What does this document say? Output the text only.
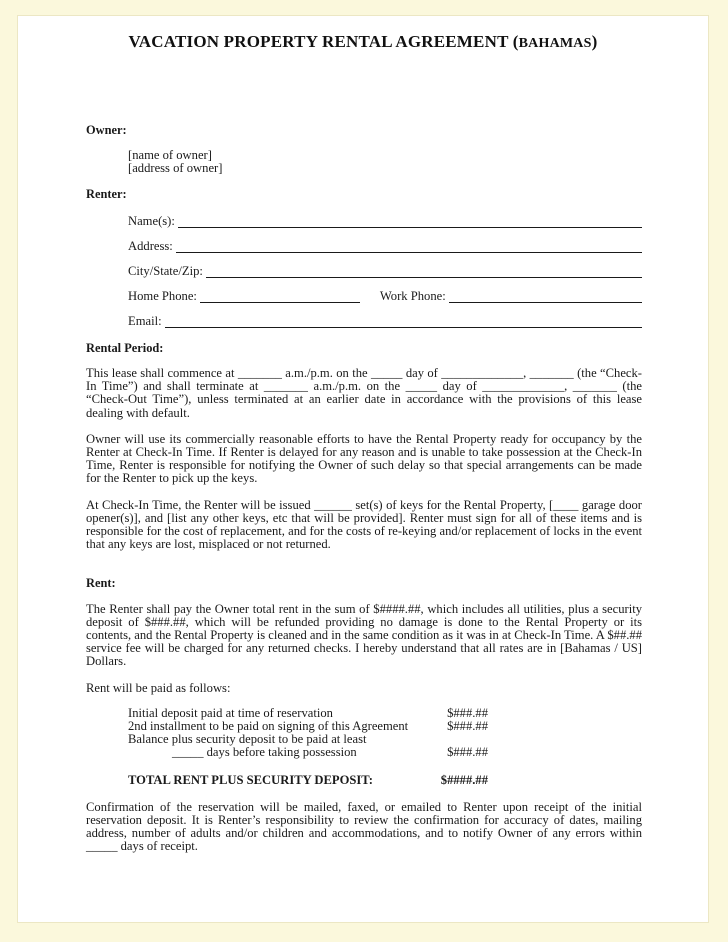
VACATION PROPERTY RENTAL AGREEMENT (BAHAMAS)
Owner:
[name of owner]
[address of owner]
Renter:
Name(s):
Address:
City/State/Zip:
Home Phone:	Work Phone:
Email:
Rental Period:

This lease shall commence at _______ a.m./p.m. on the _____ day of _____________, _______ (the “Check-In Time”) and shall terminate at _______ a.m./p.m. on the _____ day of _____________, _______ (the “Check-Out Time”), unless terminated at an earlier date in accordance with the provisions of this lease dealing with default.

Owner will use its commercially reasonable efforts to have the Rental Property ready for occupancy by the Renter at Check-In Time. If Renter is delayed for any reason and is unable to take possession at the Check-In Time, Renter is responsible for notifying the Owner of such delay so that special arrangements can be made for the Renter to pick up the keys.

At Check-In Time, the Renter will be issued ______ set(s) of keys for the Rental Property, [____ garage door opener(s)], and [list any other keys, etc that will be provided]. Renter must sign for all of these items and is responsible for the cost of replacement, and for the costs of re-keying and/or replacement of locks in the event that any keys are lost, misplaced or not returned.

Rent:

The Renter shall pay the Owner total rent in the sum of $####.##, which includes all utilities, plus a security deposit of $###.##, which will be refunded providing no damage is done to the Rental Property or its contents, and the Rental Property is cleaned and in the same condition as it was in at Check-In Time. A $##.## service fee will be charged for any returned checks. I hereby understand that all rates are in [Bahamas / US] Dollars.

Rent will be paid as follows:
Initial deposit paid at time of reservation	$###.##
2nd installment to be paid on signing of this Agreement	$###.##
Balance plus security deposit to be paid at least
_____ days before taking possession	$###.##
TOTAL RENT PLUS SECURITY DEPOSIT:	$####.##

Confirmation of the reservation will be mailed, faxed, or emailed to Renter upon receipt of the initial reservation deposit. It is Renter’s responsibility to review the confirmation for accuracy of dates, mailing address, number of adults and/or children and accommodations, and to notify Owner of any errors within _____ days of receipt.
